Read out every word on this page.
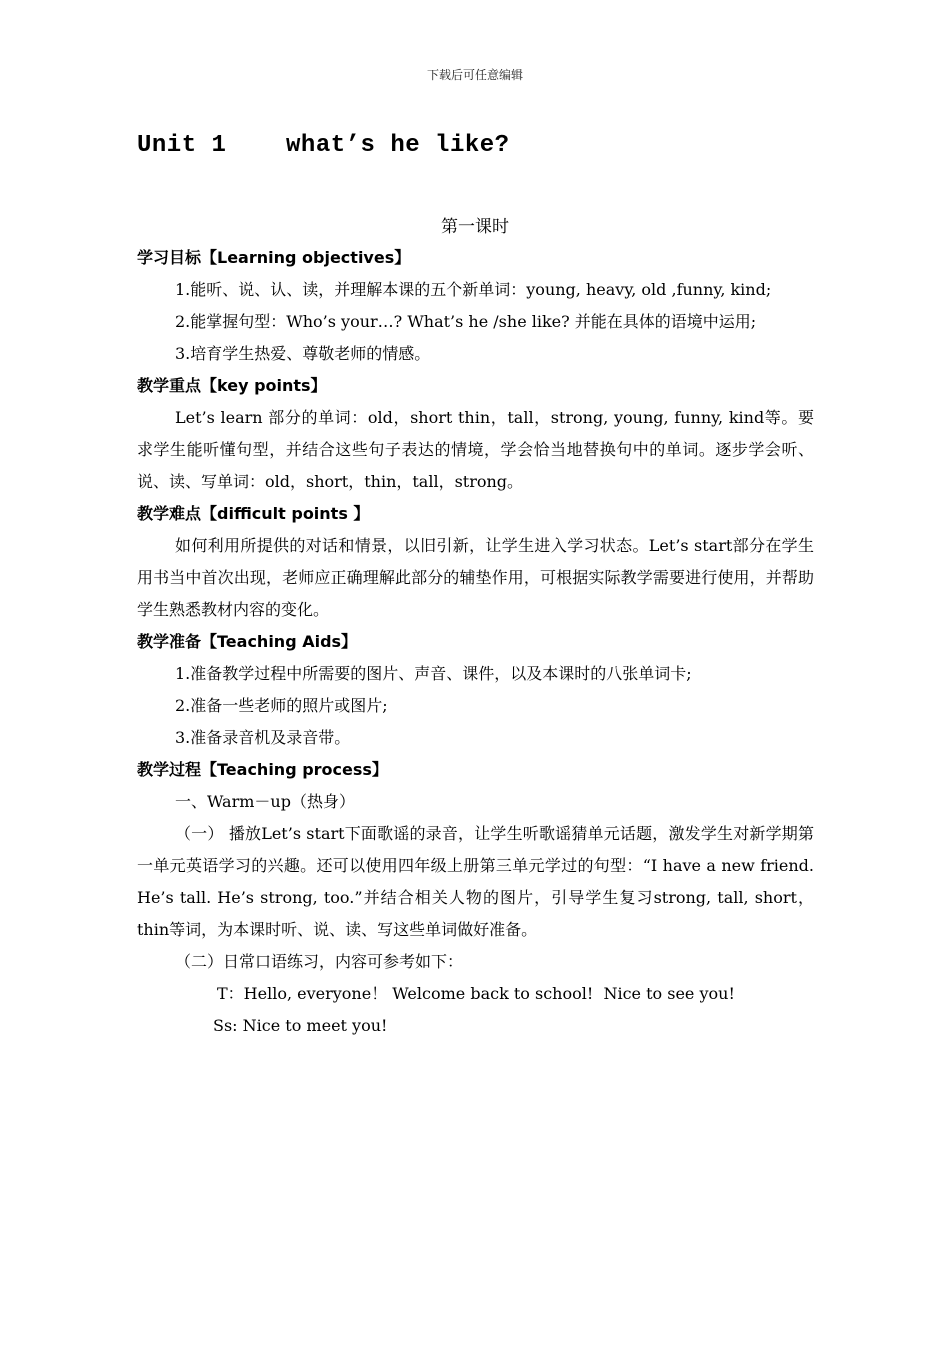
下载后可任意编辑
Unit 1    what’s he like?
第一课时

学习目标【Learning objectives】

1.能听、说、认、读，并理解本课的五个新单词：young, heavy, old ,funny, kind;

2.能掌握句型：Who’s your…? What’s he /she like? 并能在具体的语境中运用;

3.培育学生热爱、尊敬老师的情感。

教学重点【key points】

Let’s learn 部分的单词：old，short thin，tall，strong, young, funny, kind等。要求学生能听懂句型，并结合这些句子表达的情境，学会恰当地替换句中的单词。逐步学会听、说、读、写单词：old，short，thin，tall，strong。

教学难点【difficult points 】

如何利用所提供的对话和情景，以旧引新，让学生进入学习状态。Let’s start部分在学生用书当中首次出现，老师应正确理解此部分的辅垫作用，可根据实际教学需要进行使用，并帮助学生熟悉教材内容的变化。

教学准备【Teaching Aids】

1.准备教学过程中所需要的图片、声音、课件，以及本课时的八张单词卡;

2.准备一些老师的照片或图片;

3.准备录音机及录音带。

教学过程【Teaching process】

一、Warm－up（热身）

（一） 播放Let’s start下面歌谣的录音，让学生听歌谣猜单元话题，激发学生对新学期第一单元英语学习的兴趣。还可以使用四年级上册第三单元学过的句型：“I have a new friend. He’s tall. He’s strong, too.”并结合相关人物的图片，引导学生复习strong, tall, short，thin等词，为本课时听、说、读、写这些单词做好准备。

（二）日常口语练习，内容可参考如下：

T：Hello, everyone！ Welcome back to school!  Nice to see you!

Ss: Nice to meet you!
